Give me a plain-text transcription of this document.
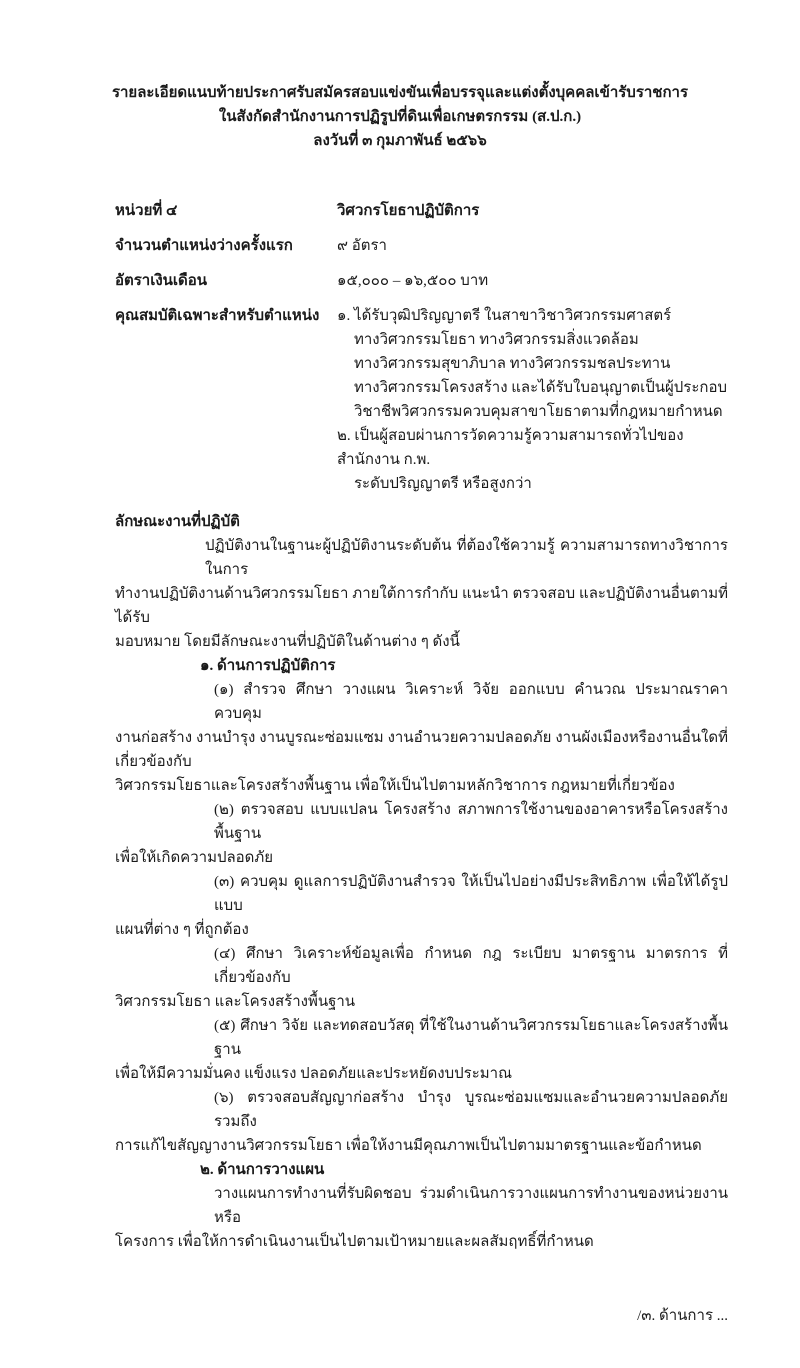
รายละเอียดแนบท้ายประกาศรับสมัครสอบแข่งขันเพื่อบรรจุและแต่งตั้งบุคคลเข้ารับราชการ
ในสังกัดสำนักงานการปฏิรูปที่ดินเพื่อเกษตรกรรม (ส.ป.ก.)
ลงวันที่ ๓ กุมภาพันธ์ ๒๕๖๖
หน่วยที่ ๔	วิศวกรโยธาปฏิบัติการ
จำนวนตำแหน่งว่างครั้งแรก	๙ อัตรา
อัตราเงินเดือน	๑๕,๐๐๐ – ๑๖,๕๐๐ บาท
คุณสมบัติเฉพาะสำหรับตำแหน่ง	๑. ได้รับวุฒิปริญญาตรี ในสาขาวิชาวิศวกรรมศาสตร์
ทางวิศวกรรมโยธา ทางวิศวกรรมสิ่งแวดล้อม
ทางวิศวกรรมสุขาภิบาล ทางวิศวกรรมชลประทาน
ทางวิศวกรรมโครงสร้าง และได้รับใบอนุญาตเป็นผู้ประกอบ
วิชาชีพวิศวกรรมควบคุมสาขาโยธาตามที่กฎหมายกำหนด
๒. เป็นผู้สอบผ่านการวัดความรู้ความสามารถทั่วไปของ สำนักงาน ก.พ.
ระดับปริญญาตรี หรือสูงกว่า
ลักษณะงานที่ปฏิบัติ
ปฏิบัติงานในฐานะผู้ปฏิบัติงานระดับต้น ที่ต้องใช้ความรู้ ความสามารถทางวิชาการในการ
ทำงานปฏิบัติงานด้านวิศวกรรมโยธา ภายใต้การกำกับ แนะนำ ตรวจสอบ และปฏิบัติงานอื่นตามที่ได้รับ
มอบหมาย โดยมีลักษณะงานที่ปฏิบัติในด้านต่าง ๆ ดังนี้
๑. ด้านการปฏิบัติการ
(๑) สำรวจ ศึกษา วางแผน วิเคราะห์ วิจัย ออกแบบ คำนวณ ประมาณราคา ควบคุม
งานก่อสร้าง งานบำรุง งานบูรณะซ่อมแซม งานอำนวยความปลอดภัย งานผังเมืองหรืองานอื่นใดที่เกี่ยวข้องกับ
วิศวกรรมโยธาและโครงสร้างพื้นฐาน เพื่อให้เป็นไปตามหลักวิชาการ กฎหมายที่เกี่ยวข้อง
(๒) ตรวจสอบ แบบแปลน โครงสร้าง สภาพการใช้งานของอาคารหรือโครงสร้างพื้นฐาน
เพื่อให้เกิดความปลอดภัย
(๓) ควบคุม ดูแลการปฏิบัติงานสำรวจ ให้เป็นไปอย่างมีประสิทธิภาพ เพื่อให้ได้รูปแบบ
แผนที่ต่าง ๆ ที่ถูกต้อง
(๔) ศึกษา วิเคราะห์ข้อมูลเพื่อ กำหนด กฎ ระเบียบ มาตรฐาน มาตรการ ที่เกี่ยวข้องกับ
วิศวกรรมโยธา และโครงสร้างพื้นฐาน
(๕) ศึกษา วิจัย และทดสอบวัสดุ ที่ใช้ในงานด้านวิศวกรรมโยธาและโครงสร้างพื้นฐาน
เพื่อให้มีความมั่นคง แข็งแรง ปลอดภัยและประหยัดงบประมาณ
(๖) ตรวจสอบสัญญาก่อสร้าง บำรุง บูรณะซ่อมแซมและอำนวยความปลอดภัย รวมถึง
การแก้ไขสัญญางานวิศวกรรมโยธา เพื่อให้งานมีคุณภาพเป็นไปตามมาตรฐานและข้อกำหนด
๒. ด้านการวางแผน
วางแผนการทำงานที่รับผิดชอบ ร่วมดำเนินการวางแผนการทำงานของหน่วยงานหรือ
โครงการ เพื่อให้การดำเนินงานเป็นไปตามเป้าหมายและผลสัมฤทธิ์ที่กำหนด
/๓. ด้านการ ...
